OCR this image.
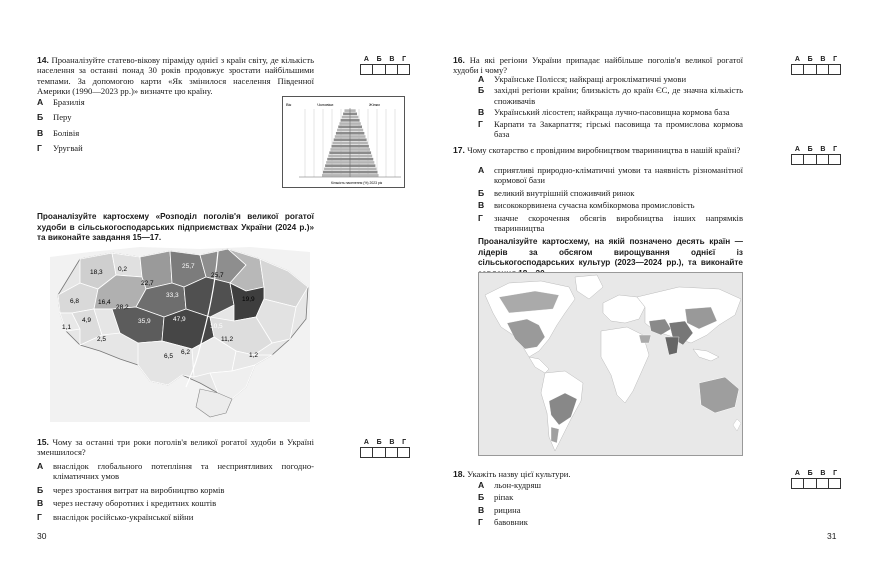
14. Проаналізуйте статево-вікову піраміду однієї з країн світу, де кількість населення за останні понад 30 років продовжує зростати найбільшими темпами. За допомогою карти «Як змінилося населення Південної Америки (1990—2023 рр.)» визначте цю країну.
А Б В Г
А	Бразилія
Б	Перу
В	Болівія
Г	Уругвай
Вік	Чоловіки	Жінки
Кількість населення (%) 2023 рік
Проаналізуйте картосхему «Розподіл поголів'я великої рогатої худоби в сільськогосподарських підприємствах України (2024 р.)» та виконайте завдання 15—17.
18,3 0,2	25,7
22,7
25,7
6,8	16,4
28,2
33,3
19,9
4,9
1,1
35,9	47,9
2,5
10,5
11,2
6,5
6,2	1,2
15. Чому за останні три роки поголів'я великої рогатої худоби в Україні зменшилося?
А Б В Г
А	внаслідок глобального потепління та несприятливих погодно-кліматичних умов
Б	через зростання витрат на виробництво кормів
В	через нестачу оборотних і кредитних коштів
Г	внаслідок російсько-української війни
30
16. На які регіони України припадає найбільше поголів'я великої рогатої худоби і чому?
А Б В Г
А	Українське Полісся; найкращі агрокліматичні умови
Б	західні регіони країни; близькість до країн ЄС, де значна кількість споживачів
В	Український лісостеп; найкраща лучно-пасовищна кормова база
Г	Карпати та Закарпаття; гірські пасовища та промислова кормова база
17. Чому скотарство є провідним виробництвом тваринництва в нашій країні?	А Б В Г
А	сприятливі природно-кліматичні умови та наявність різноманітної кормової бази
Б	великий внутрішній споживчий ринок
В	висококорвинена сучасна комбікормова промисловість
Г	значне скорочення обсягів виробництва інших напрямків тваринництва
Проаналізуйте картосхему, на якій позначено десять країн — лідерів за обсягом вирощування однієї із сільськогосподарських культур (2023—2024 рр.), та виконайте
18. Укажіть назву цієї культури.	А Б В Г
А	льон-кудряш
Б	ріпак
В	рицина
Г	бавовник
31
